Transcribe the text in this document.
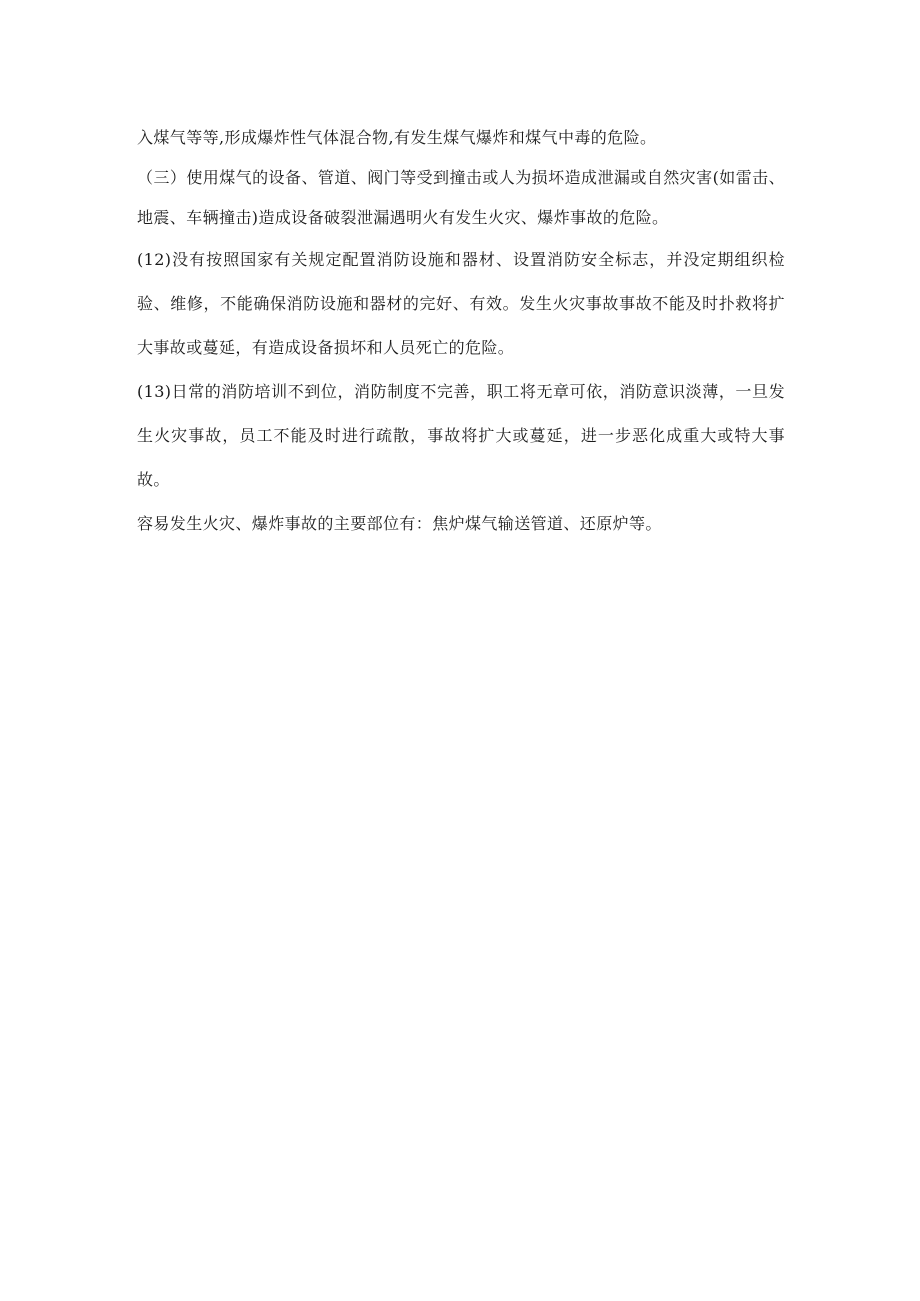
入煤气等等,形成爆炸性气体混合物,有发生煤气爆炸和煤气中毒的危险。

（三）使用煤气的设备、管道、阀门等受到撞击或人为损坏造成泄漏或自然灾害(如雷击、地震、车辆撞击)造成设备破裂泄漏遇明火有发生火灾、爆炸事故的危险。

(12)没有按照国家有关规定配置消防设施和器材、设置消防安全标志，并没定期组织检验、维修，不能确保消防设施和器材的完好、有效。发生火灾事故事故不能及时扑救将扩大事故或蔓延，有造成设备损坏和人员死亡的危险。

(13)日常的消防培训不到位，消防制度不完善，职工将无章可依，消防意识淡薄，一旦发生火灾事故，员工不能及时进行疏散，事故将扩大或蔓延，进一步恶化成重大或特大事故。

容易发生火灾、爆炸事故的主要部位有：焦炉煤气输送管道、还原炉等。
